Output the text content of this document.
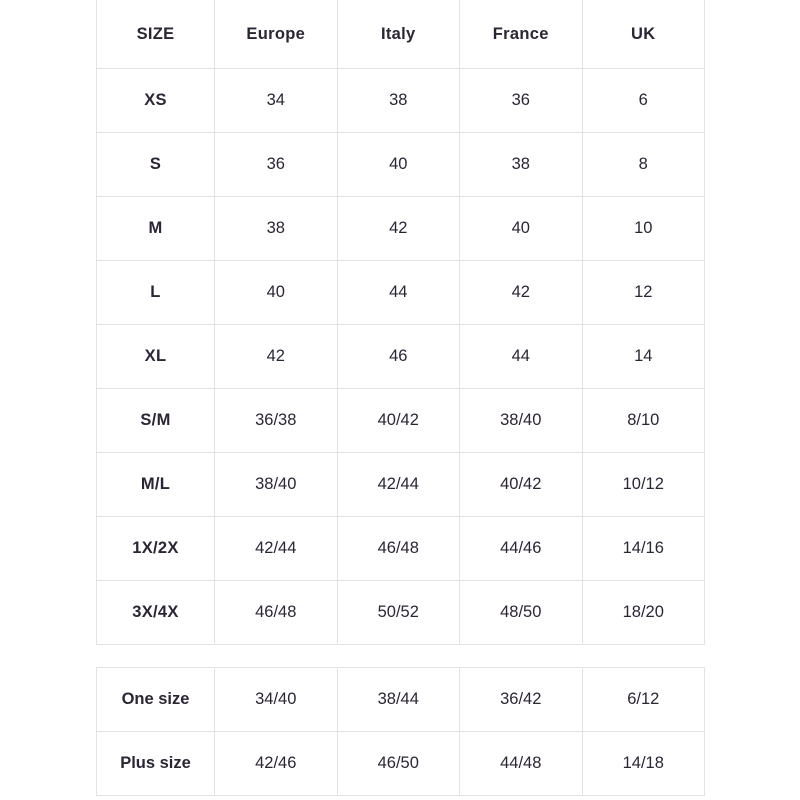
SIZE	Europe	Italy	France	UK

XS	34	38	36	6

S	36	40	38	8

M	38	42	40	10

L	40	44	42	12

XL	42	46	44	14

S/M	36/38	40/42	38/40	8/10

M/L	38/40	42/44	40/42	10/12

1X/2X	42/44	46/48	44/46	14/16

3X/4X	46/48	50/52	48/50	18/20
One size	34/40	38/44	36/42	6/12

Plus size	42/46	46/50	44/48	14/18
